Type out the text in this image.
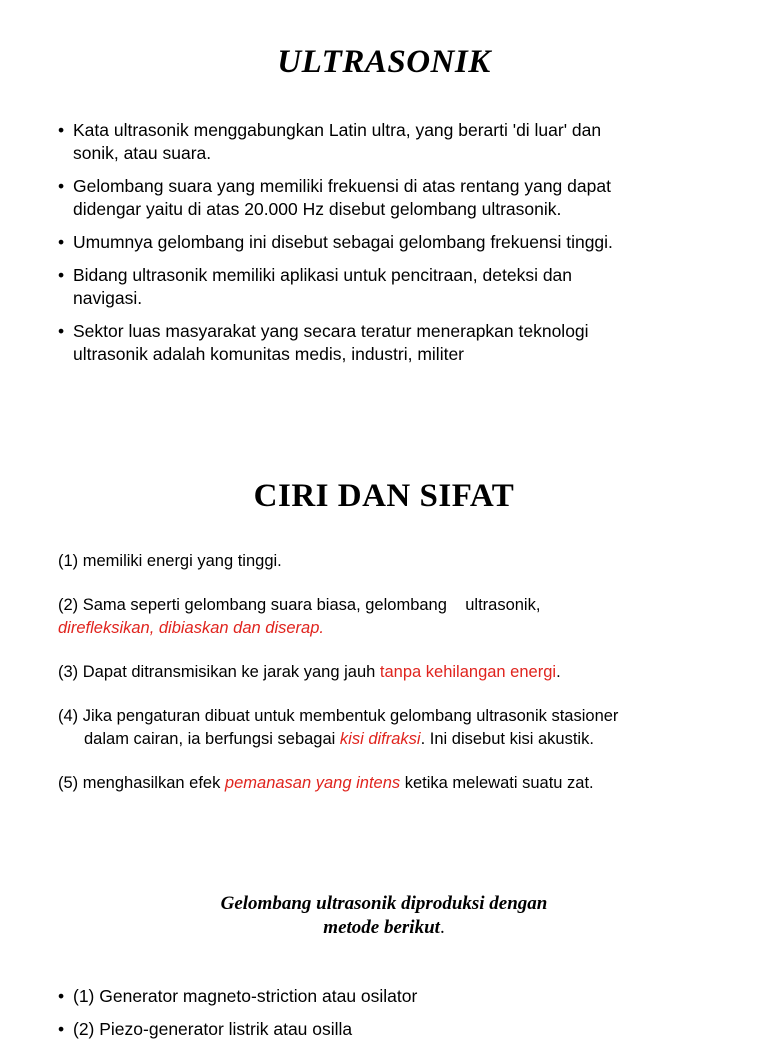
ULTRASONIK
• Kata ultrasonik menggabungkan Latin ultra, yang berarti 'di luar' dan
sonik, atau suara.
• Gelombang suara yang memiliki frekuensi di atas rentang yang dapat
didengar yaitu di atas 20.000 Hz disebut gelombang ultrasonik.
• Umumnya gelombang ini disebut sebagai gelombang frekuensi tinggi.
• Bidang ultrasonik memiliki aplikasi untuk pencitraan, deteksi dan
navigasi.
• Sektor luas masyarakat yang secara teratur menerapkan teknologi
ultrasonik adalah komunitas medis, industri, militer
CIRI DAN SIFAT

(1) memiliki energi yang tinggi.

(2) Sama seperti gelombang suara biasa, gelombang    ultrasonik,
direfleksikan, dibiaskan dan diserap.

(3) Dapat ditransmisikan ke jarak yang jauh tanpa kehilangan energi.

(4) Jika pengaturan dibuat untuk membentuk gelombang ultrasonik stasioner
dalam cairan, ia berfungsi sebagai kisi difraksi. Ini disebut kisi akustik.

(5) menghasilkan efek pemanasan yang intens ketika melewati suatu zat.

Gelombang ultrasonik diproduksi dengan
metode berikut.
• (1) Generator magneto-striction atau osilator
• (2) Piezo-generator listrik atau osilla
